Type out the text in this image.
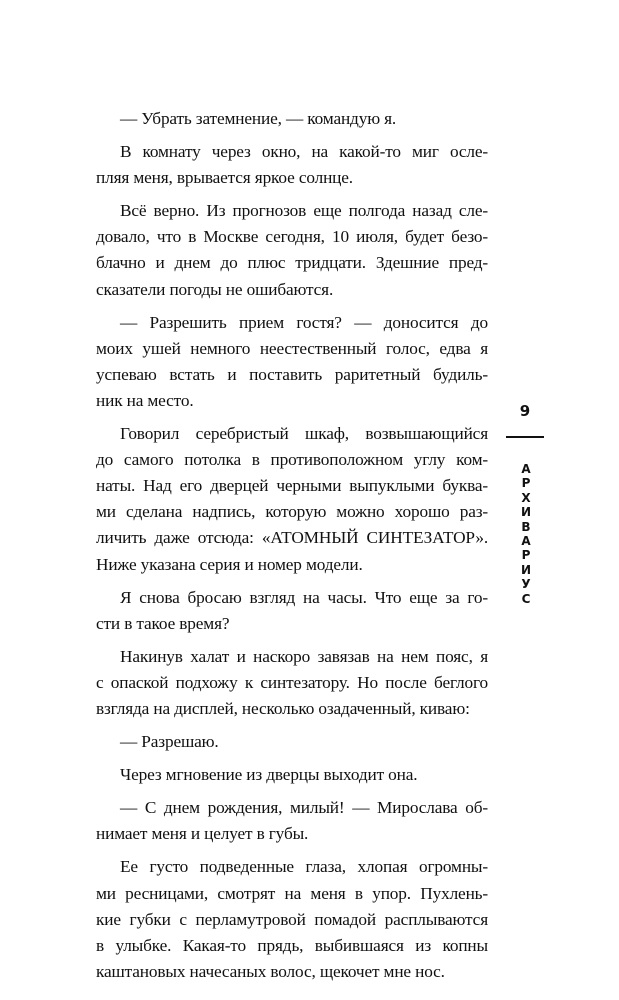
— Убрать затемнение, — командую я.
В комнату через окно, на какой-то миг осле-
пляя меня, врывается яркое солнце.
Всё верно. Из прогнозов еще полгода назад сле-
довало, что в Москве сегодня, 10 июля, будет безо-
блачно и днем до плюс тридцати. Здешние пред-
сказатели погоды не ошибаются.
— Разрешить прием гостя? — доносится до
моих ушей немного неестественный голос, едва я
успеваю встать и поставить раритетный будиль-
ник на место.
Говорил серебристый шкаф, возвышающийся
до самого потолка в противоположном углу ком-
наты. Над его дверцей черными выпуклыми буква-
ми сделана надпись, которую можно хорошо раз-
личить даже отсюда: «АТОМНЫЙ СИНТЕЗАТОР».
Ниже указана серия и номер модели.
Я снова бросаю взгляд на часы. Что еще за го-
сти в такое время?
Накинув халат и наскоро завязав на нем пояс, я
с опаской подхожу к синтезатору. Но после беглого
взгляда на дисплей, несколько озадаченный, киваю:
— Разрешаю.
Через мгновение из дверцы выходит она.
— С днем рождения, милый! — Мирослава об-
нимает меня и целует в губы.
Ее густо подведенные глаза, хлопая огромны-
ми ресницами, смотрят на меня в упор. Пухлень-
кие губки с перламутровой помадой расплываются
в улыбке. Какая-то прядь, выбившаяся из копны
каштановых начесаных волос, щекочет мне нос.
9
А
Р
Х
И
В
А
Р
И
У
С
